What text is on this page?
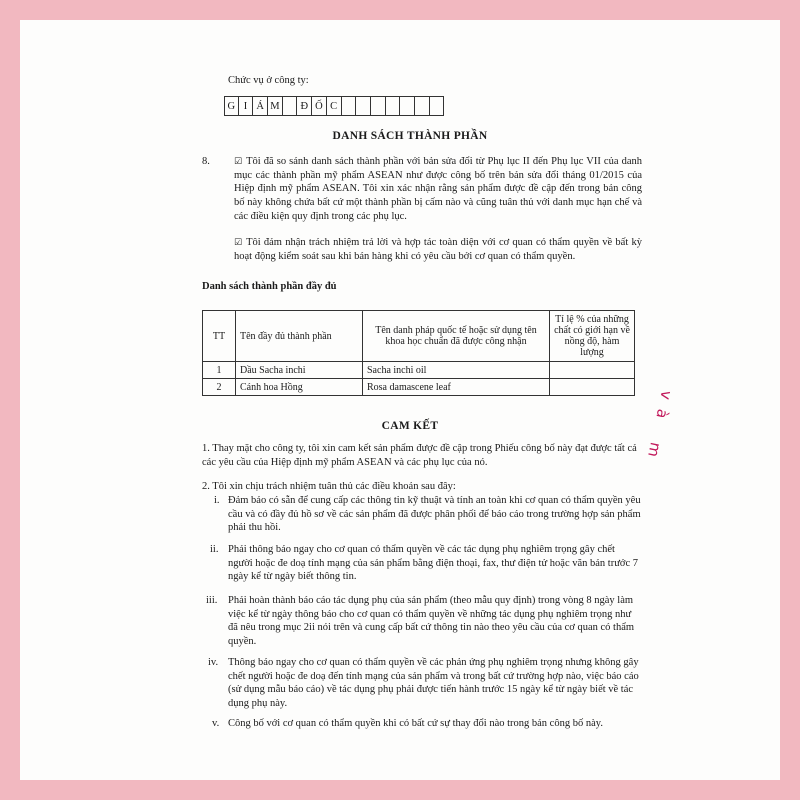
Chức vụ ở công ty:
G I Á M	Đ Ố C
DANH SÁCH THÀNH PHẦN
8.	☑ Tôi đã so sánh danh sách thành phần với bản sửa đổi từ Phụ lục II đến Phụ lục VII của danh mục các thành phần mỹ phẩm ASEAN như được công bố trên bản sửa đổi tháng 01/2015 của Hiệp định mỹ phẩm ASEAN. Tôi xin xác nhận rằng sản phẩm được đề cập đến trong bản công bố này không chứa bất cứ một thành phần bị cấm nào và cũng tuân thủ với danh mục hạn chế và các điều kiện quy định trong các phụ lục.
☑ Tôi đảm nhận trách nhiệm trả lời và hợp tác toàn diện với cơ quan có thẩm quyền về bất kỳ hoạt động kiểm soát sau khi bán hàng khi có yêu cầu bởi cơ quan có thẩm quyền.
Danh sách thành phần đầy đủ
TT	Tên đầy đủ thành phần	Tên danh pháp quốc tế hoặc sử dụng tên khoa học chuẩn đã được công nhận	Tỉ lệ % của những chất có giới hạn về nồng độ, hàm lượng
1	Dầu Sacha inchi	Sacha inchi oil	
2	Cánh hoa Hồng	Rosa damascene leaf	
CAM KẾT
1. Thay mặt cho công ty, tôi xin cam kết sản phẩm được đề cập trong Phiếu công bố này đạt được tất cả các yêu cầu của Hiệp định mỹ phẩm ASEAN và các phụ lục của nó.
2. Tôi xin chịu trách nhiệm tuân thủ các điều khoản sau đây:
i. Đảm bảo có sẵn để cung cấp các thông tin kỹ thuật và tính an toàn khi cơ quan có thẩm quyền yêu cầu và có đầy đủ hồ sơ về các sản phẩm đã được phân phối để báo cáo trong trường hợp sản phẩm phải thu hồi.
ii. Phải thông báo ngay cho cơ quan có thẩm quyền về các tác dụng phụ nghiêm trọng gây chết người hoặc đe doạ tính mạng của sản phẩm bằng điện thoại, fax, thư điện tử hoặc văn bản trước 7 ngày kể từ ngày biết thông tin.
iii. Phải hoàn thành báo cáo tác dụng phụ của sản phẩm (theo mẫu quy định) trong vòng 8 ngày làm việc kể từ ngày thông báo cho cơ quan có thẩm quyền về những tác dụng phụ nghiêm trọng như đã nêu trong mục 2ii nói trên và cung cấp bất cứ thông tin nào theo yêu cầu của cơ quan có thẩm quyền.
iv. Thông báo ngay cho cơ quan có thẩm quyền về các phản ứng phụ nghiêm trọng nhưng không gây chết người hoặc đe doạ đến tính mạng của sản phẩm và trong bất cứ trường hợp nào, việc báo cáo (sử dụng mẫu báo cáo) về tác dụng phụ phải được tiến hành trước 15 ngày kể từ ngày biết về tác dụng phụ này.
v. Công bố với cơ quan có thẩm quyền khi có bất cứ sự thay đổi nào trong bản công bố này.
và m
